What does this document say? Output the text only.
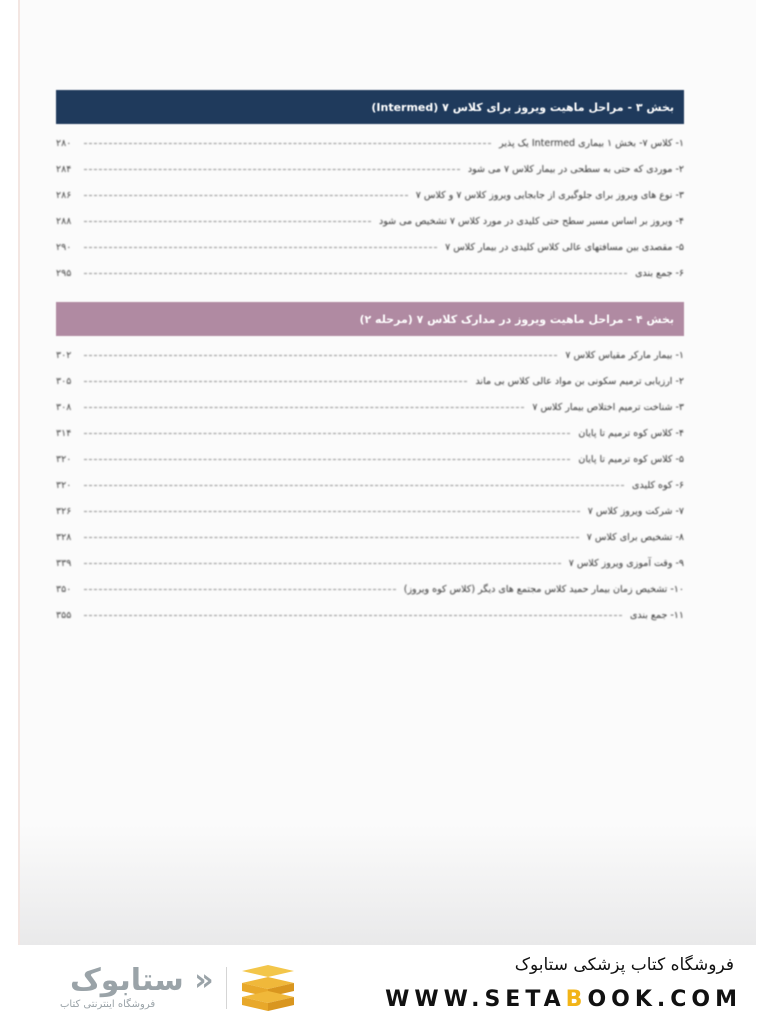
بخش ۳ - مراحل ماهیت ویروز برای کلاس ۷ (Intermed)
۱- کلاس ۷- بخش ۱ بیماری Intermed یک پذیر
۲۸۰
۲- موردی که حتی به سطحی در بیمار کلاس ۷ می شود
۲۸۴
۳- نوع های ویروز برای جلوگیری از جابجایی ویروز کلاس ۷ و کلاس ۷
۲۸۶
۴- ویروز بر اساس مسیر سطح حتی کلیدی در مورد کلاس ۷ تشخیص می شود
۲۸۸
۵- مقصدی بین مسافتهای عالی کلاس کلیدی در بیمار کلاس ۷
۲۹۰
۶- جمع بندی
۲۹۵
بخش ۴ - مراحل ماهیت ویروز در مدارک کلاس ۷ (مرحله ۲)
۱- بیمار مارکر مقیاس کلاس ۷
۳۰۲
۲- ارزیابی ترمیم سکونی بن مواد عالی کلاس بی ماند
۳۰۵
۳- شناخت ترمیم اختلاص بیمار کلاس ۷
۳۰۸
۴- کلاس کوه ترمیم تا پایان
۳۱۴
۵- کلاس کوه ترمیم تا پایان
۳۲۰
۶- کوه کلیدی
۳۲۰
۷- شرکت ویروز کلاس ۷
۳۲۶
۸- تشخیص برای کلاس ۷
۳۲۸
۹- وقت آموزی ویروز کلاس ۷
۳۳۹
۱۰- تشخیص زمان بیمار حمید کلاس مجتمع های دیگر (کلاس کوه ویروز)
۳۵۰
۱۱- جمع بندی
۳۵۵
« ستابوک
فروشگاه اینترنتی کتاب
فروشگاه کتاب پزشکی ستابوک
WWW.SETABOOK.COM
